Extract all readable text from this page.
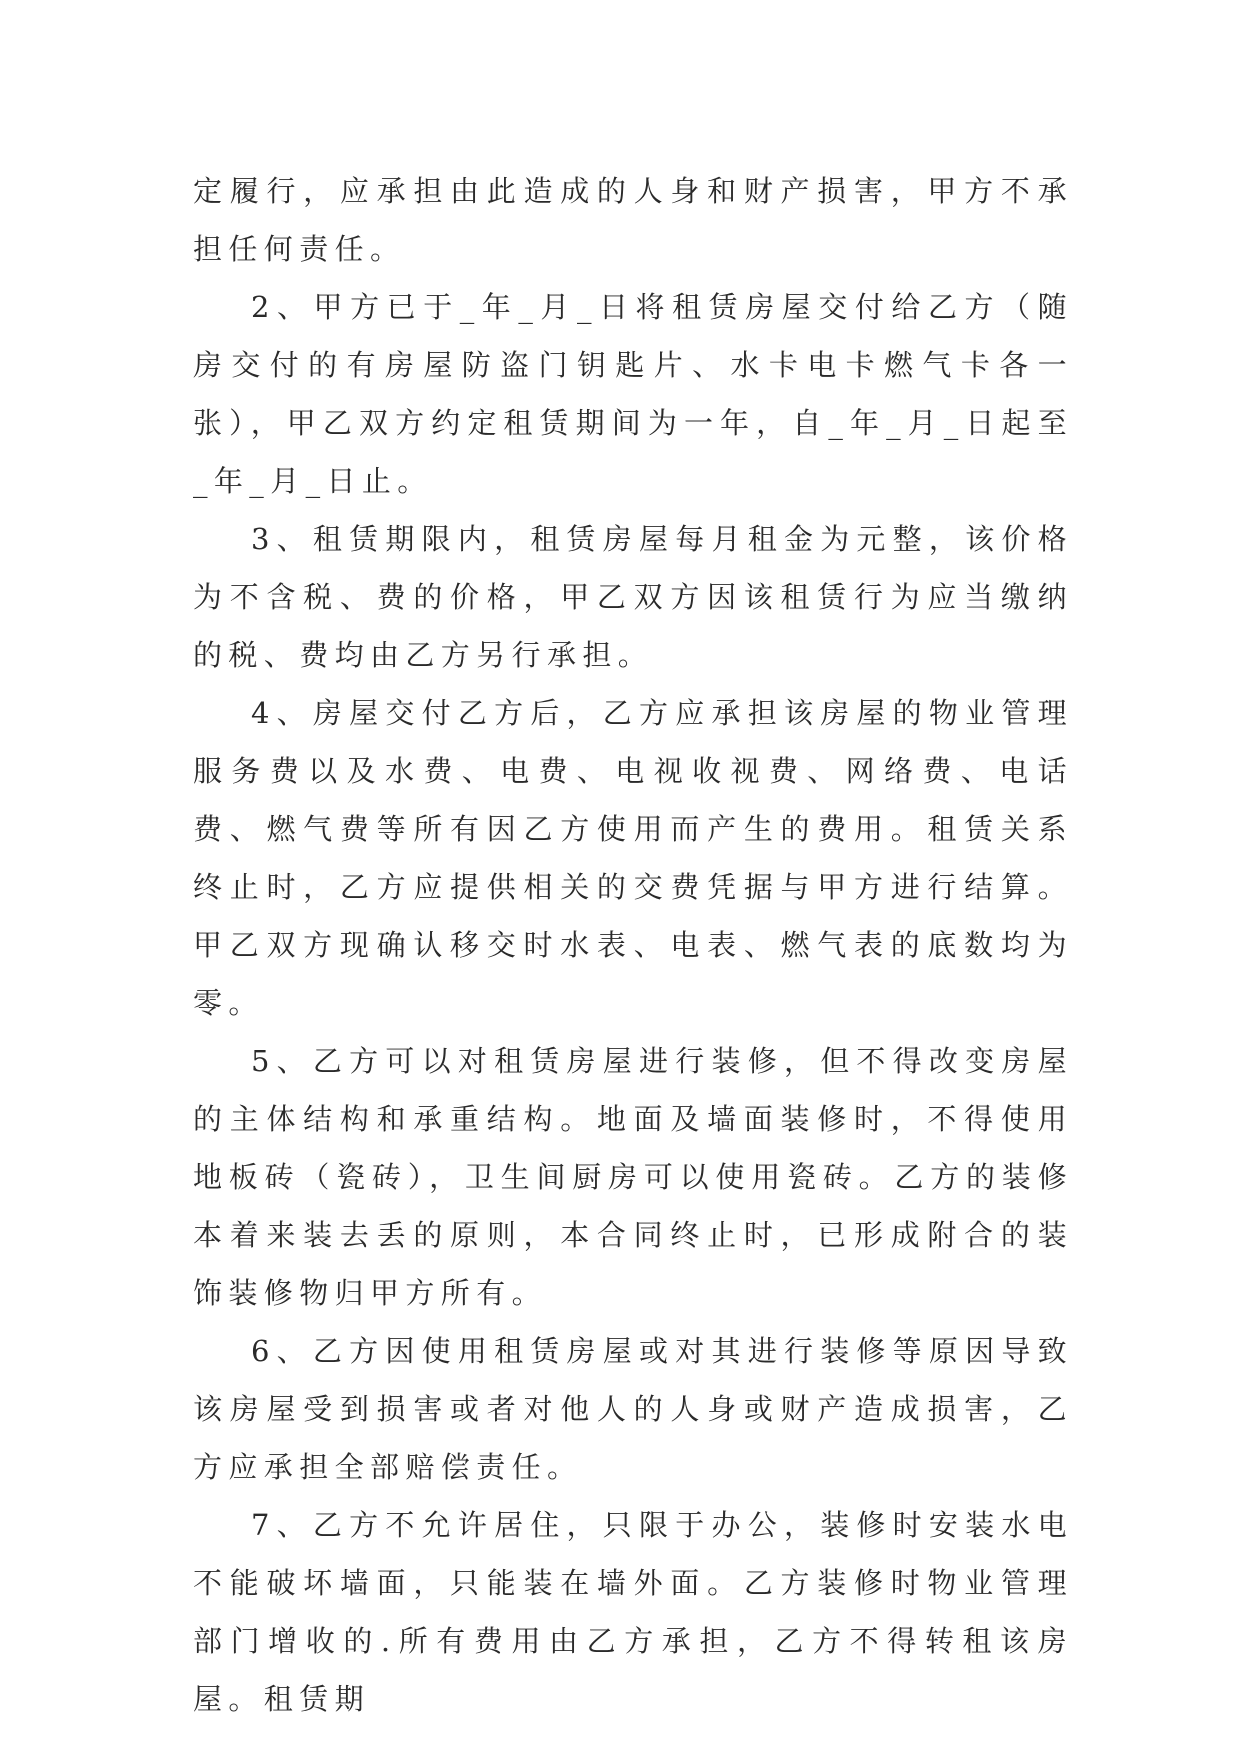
定履行，应承担由此造成的人身和财产损害，甲方不承担任何责任。

2、甲方已于_年_月_日将租赁房屋交付给乙方（随房交付的有房屋防盗门钥匙片、水卡电卡燃气卡各一张），甲乙双方约定租赁期间为一年，自_年_月_日起至_年_月_日止。

3、租赁期限内，租赁房屋每月租金为元整，该价格为不含税、费的价格，甲乙双方因该租赁行为应当缴纳的税、费均由乙方另行承担。

4、房屋交付乙方后，乙方应承担该房屋的物业管理服务费以及水费、电费、电视收视费、网络费、电话费、燃气费等所有因乙方使用而产生的费用。租赁关系终止时，乙方应提供相关的交费凭据与甲方进行结算。甲乙双方现确认移交时水表、电表、燃气表的底数均为零。

5、乙方可以对租赁房屋进行装修，但不得改变房屋的主体结构和承重结构。地面及墙面装修时，不得使用地板砖（瓷砖），卫生间厨房可以使用瓷砖。乙方的装修本着来装去丢的原则，本合同终止时，已形成附合的装饰装修物归甲方所有。

6、乙方因使用租赁房屋或对其进行装修等原因导致该房屋受到损害或者对他人的人身或财产造成损害，乙方应承担全部赔偿责任。

7、乙方不允许居住，只限于办公，装修时安装水电不能破坏墙面，只能装在墙外面。乙方装修时物业管理部门增收的.所有费用由乙方承担，乙方不得转租该房屋。租赁期
